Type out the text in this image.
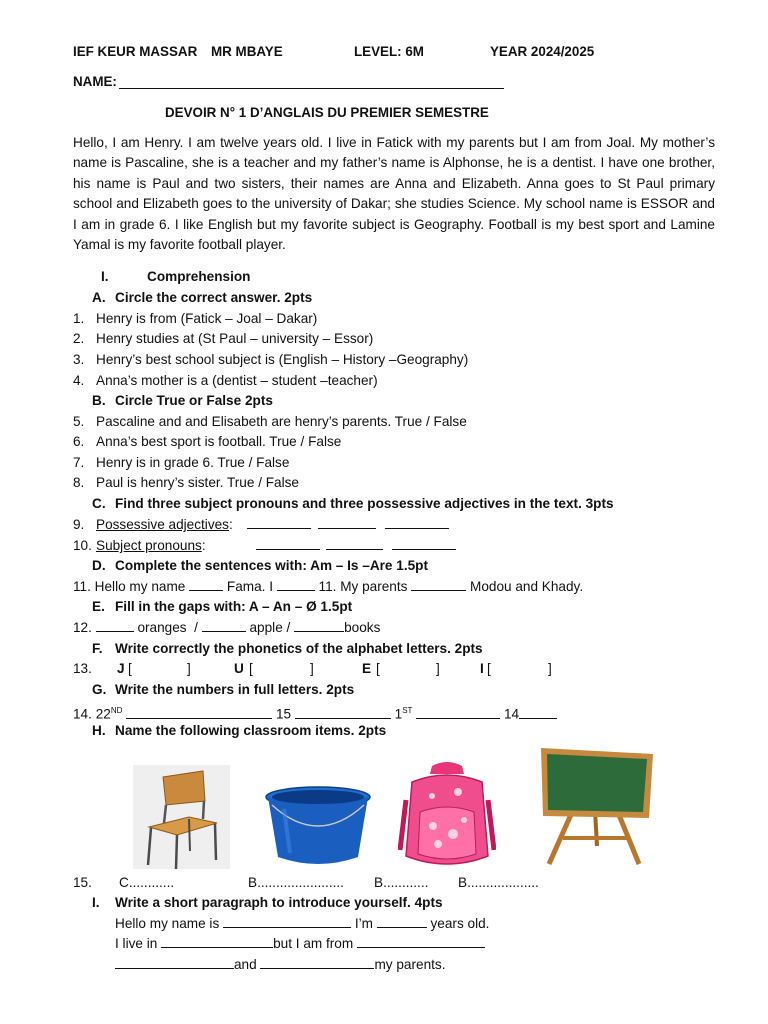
IEF KEUR MASSAR MR MBAYE	LEVEL: 6M	YEAR 2024/2025
NAME:
DEVOIR N° 1 D’ANGLAIS DU PREMIER SEMESTRE
Hello, I am Henry. I am twelve years old. I live in Fatick with my parents but I am from Joal. My mother’s name is Pascaline, she is a teacher and my father’s name is Alphonse, he is a dentist. I have one brother, his name is Paul and two sisters, their names are Anna and Elizabeth. Anna goes to St Paul primary school and Elizabeth goes to the university of Dakar; she studies Science. My school name is ESSOR and I am in grade 6. I like English but my favorite subject is Geography. Football is my best sport and Lamine Yamal is my favorite football player.
I.	Comprehension
A. Circle the correct answer. 2pts
1. Henry is from (Fatick – Joal – Dakar)
2. Henry studies at (St Paul – university – Essor)
3. Henry’s best school subject is (English – History –Geography)
4. Anna’s mother is a (dentist – student –teacher)
B. Circle True or False 2pts
5. Pascaline and and Elisabeth are henry’s parents. True / False
6. Anna’s best sport is football. True / False
7. Henry is in grade 6. True / False
8. Paul is henry’s sister. True / False
C. Find three subject pronouns and three possessive adjectives in the text. 3pts
9. Possessive adjectives:
10. Subject pronouns:
D. Complete the sentences with: Am – Is –Are 1.5pt
11. Hello my name	Fama. I	11. My parents	Modou and Khady.
E. Fill in the gaps with: A – An – Ø 1.5pt
12.	oranges /	apple /	books
F. Write correctly the phonetics of the alphabet letters. 2pts
13. J [	]	U [	]	E [	]	I [	]
G. Write the numbers in full letters. 2pts
14. 22ND	15	1ST	14
H. Name the following classroom items. 2pts
15. C............	B....................... B............ B...................
I. Write a short paragraph to introduce yourself. 4pts
Hello my name is	I’m	years old.
I live in	but I am from
and	my parents.
